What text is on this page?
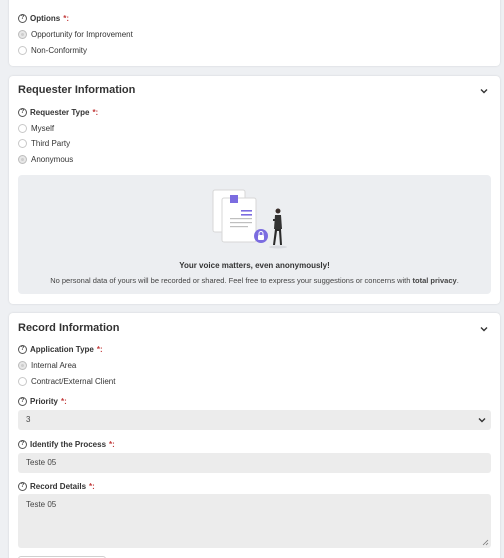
? Options *:
Opportunity for Improvement
Non-Conformity
Requester Information
? Requester Type *:
Myself
Third Party
Anonymous
Your voice matters, even anonymously!
No personal data of yours will be recorded or shared. Feel free to express your suggestions or concerns with total privacy.
Record Information
? Application Type *:
Internal Area
Contract/External Client
? Priority *:
3
? Identify the Process *:
Teste 05
? Record Details *:
Teste 05
